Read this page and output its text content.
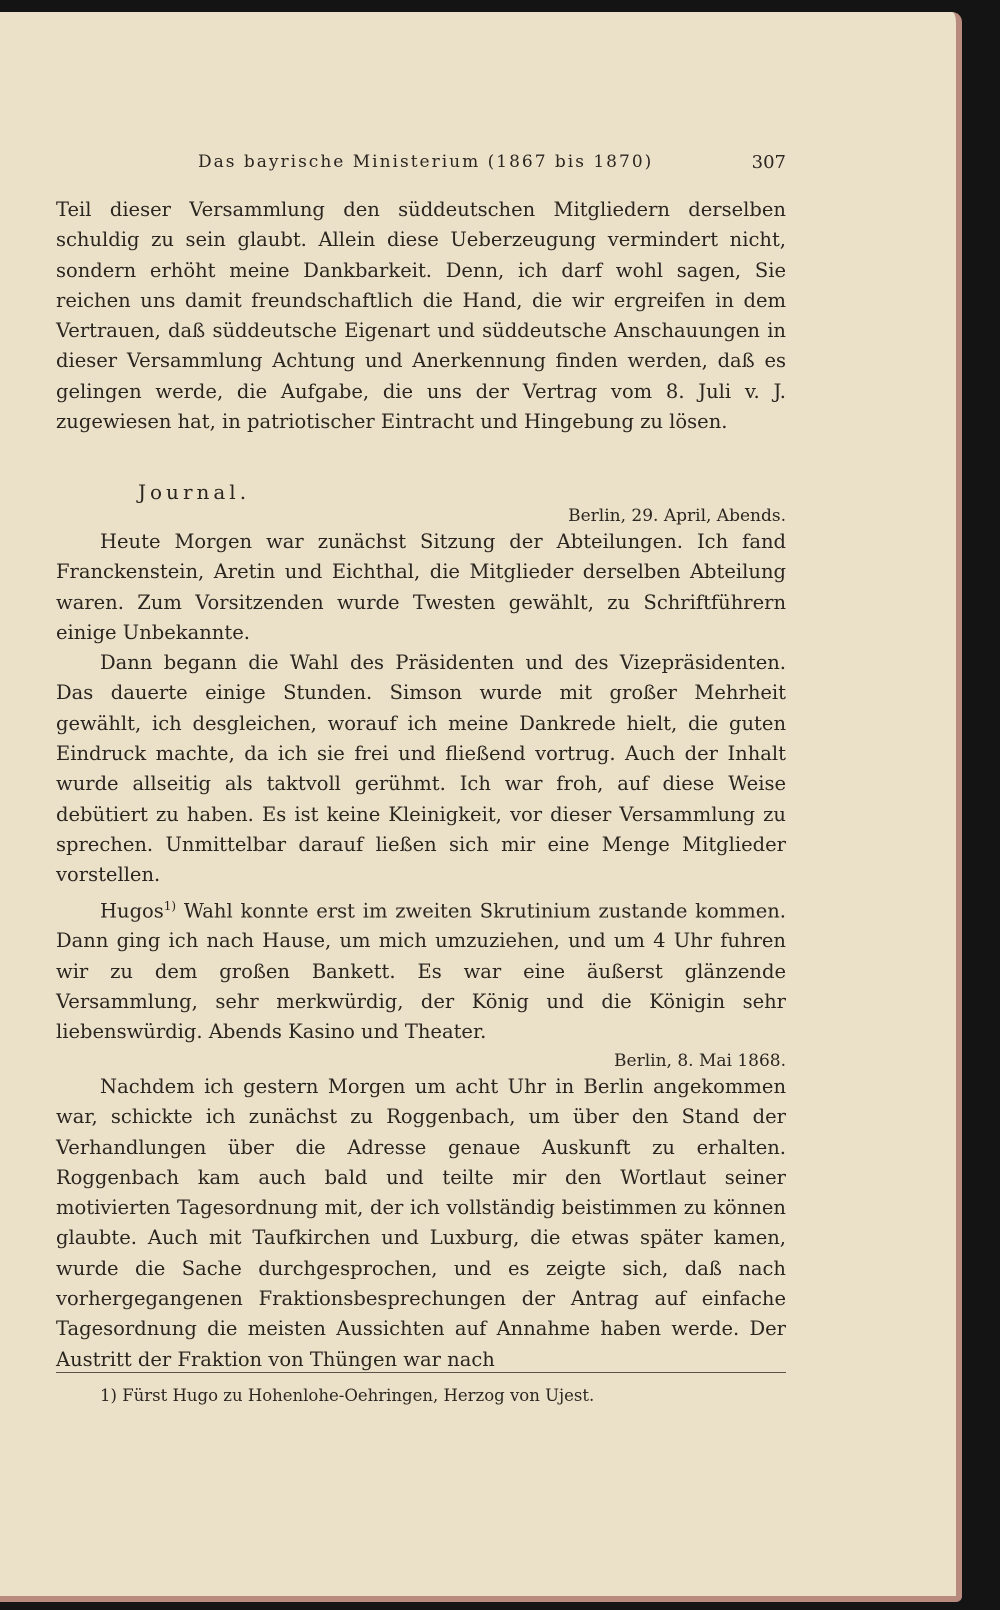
Das bayrische Ministerium (1867 bis 1870)	307

Teil dieser Versammlung den süddeutschen Mitgliedern derselben schuldig zu sein glaubt. Allein diese Ueberzeugung vermindert nicht, sondern erhöht meine Dankbarkeit. Denn, ich darf wohl sagen, Sie reichen uns damit freundschaftlich die Hand, die wir ergreifen in dem Vertrauen, daß süddeutsche Eigenart und süddeutsche Anschauungen in dieser Versammlung Achtung und Anerkennung finden werden, daß es gelingen werde, die Aufgabe, die uns der Vertrag vom 8. Juli v. J. zugewiesen hat, in patriotischer Eintracht und Hingebung zu lösen.

Journal.
Berlin, 29. April, Abends.

Heute Morgen war zunächst Sitzung der Abteilungen. Ich fand Franckenstein, Aretin und Eichthal, die Mitglieder derselben Abteilung waren. Zum Vorsitzenden wurde Twesten gewählt, zu Schriftführern einige Unbekannte.

Dann begann die Wahl des Präsidenten und des Vizepräsidenten. Das dauerte einige Stunden. Simson wurde mit großer Mehrheit gewählt, ich desgleichen, worauf ich meine Dankrede hielt, die guten Eindruck machte, da ich sie frei und fließend vortrug. Auch der Inhalt wurde allseitig als taktvoll gerühmt. Ich war froh, auf diese Weise debütiert zu haben. Es ist keine Kleinigkeit, vor dieser Versammlung zu sprechen. Unmittelbar darauf ließen sich mir eine Menge Mitglieder vorstellen.

Hugos$^{1)}$ Wahl konnte erst im zweiten Skrutinium zustande kommen. Dann ging ich nach Hause, um mich umzuziehen, und um 4 Uhr fuhren wir zu dem großen Bankett. Es war eine äußerst glänzende Versammlung, sehr merkwürdig, der König und die Königin sehr liebenswürdig. Abends Kasino und Theater.

Berlin, 8. Mai 1868.

Nachdem ich gestern Morgen um acht Uhr in Berlin angekommen war, schickte ich zunächst zu Roggenbach, um über den Stand der Verhandlungen über die Adresse genaue Auskunft zu erhalten. Roggenbach kam auch bald und teilte mir den Wortlaut seiner motivierten Tagesordnung mit, der ich vollständig beistimmen zu können glaubte. Auch mit Taufkirchen und Luxburg, die etwas später kamen, wurde die Sache durchgesprochen, und es zeigte sich, daß nach vorhergegangenen Fraktionsbesprechungen der Antrag auf einfache Tagesordnung die meisten Aussichten auf Annahme haben werde. Der Austritt der Fraktion von Thüngen war nach

1) Fürst Hugo zu Hohenlohe-Oehringen, Herzog von Ujest.
